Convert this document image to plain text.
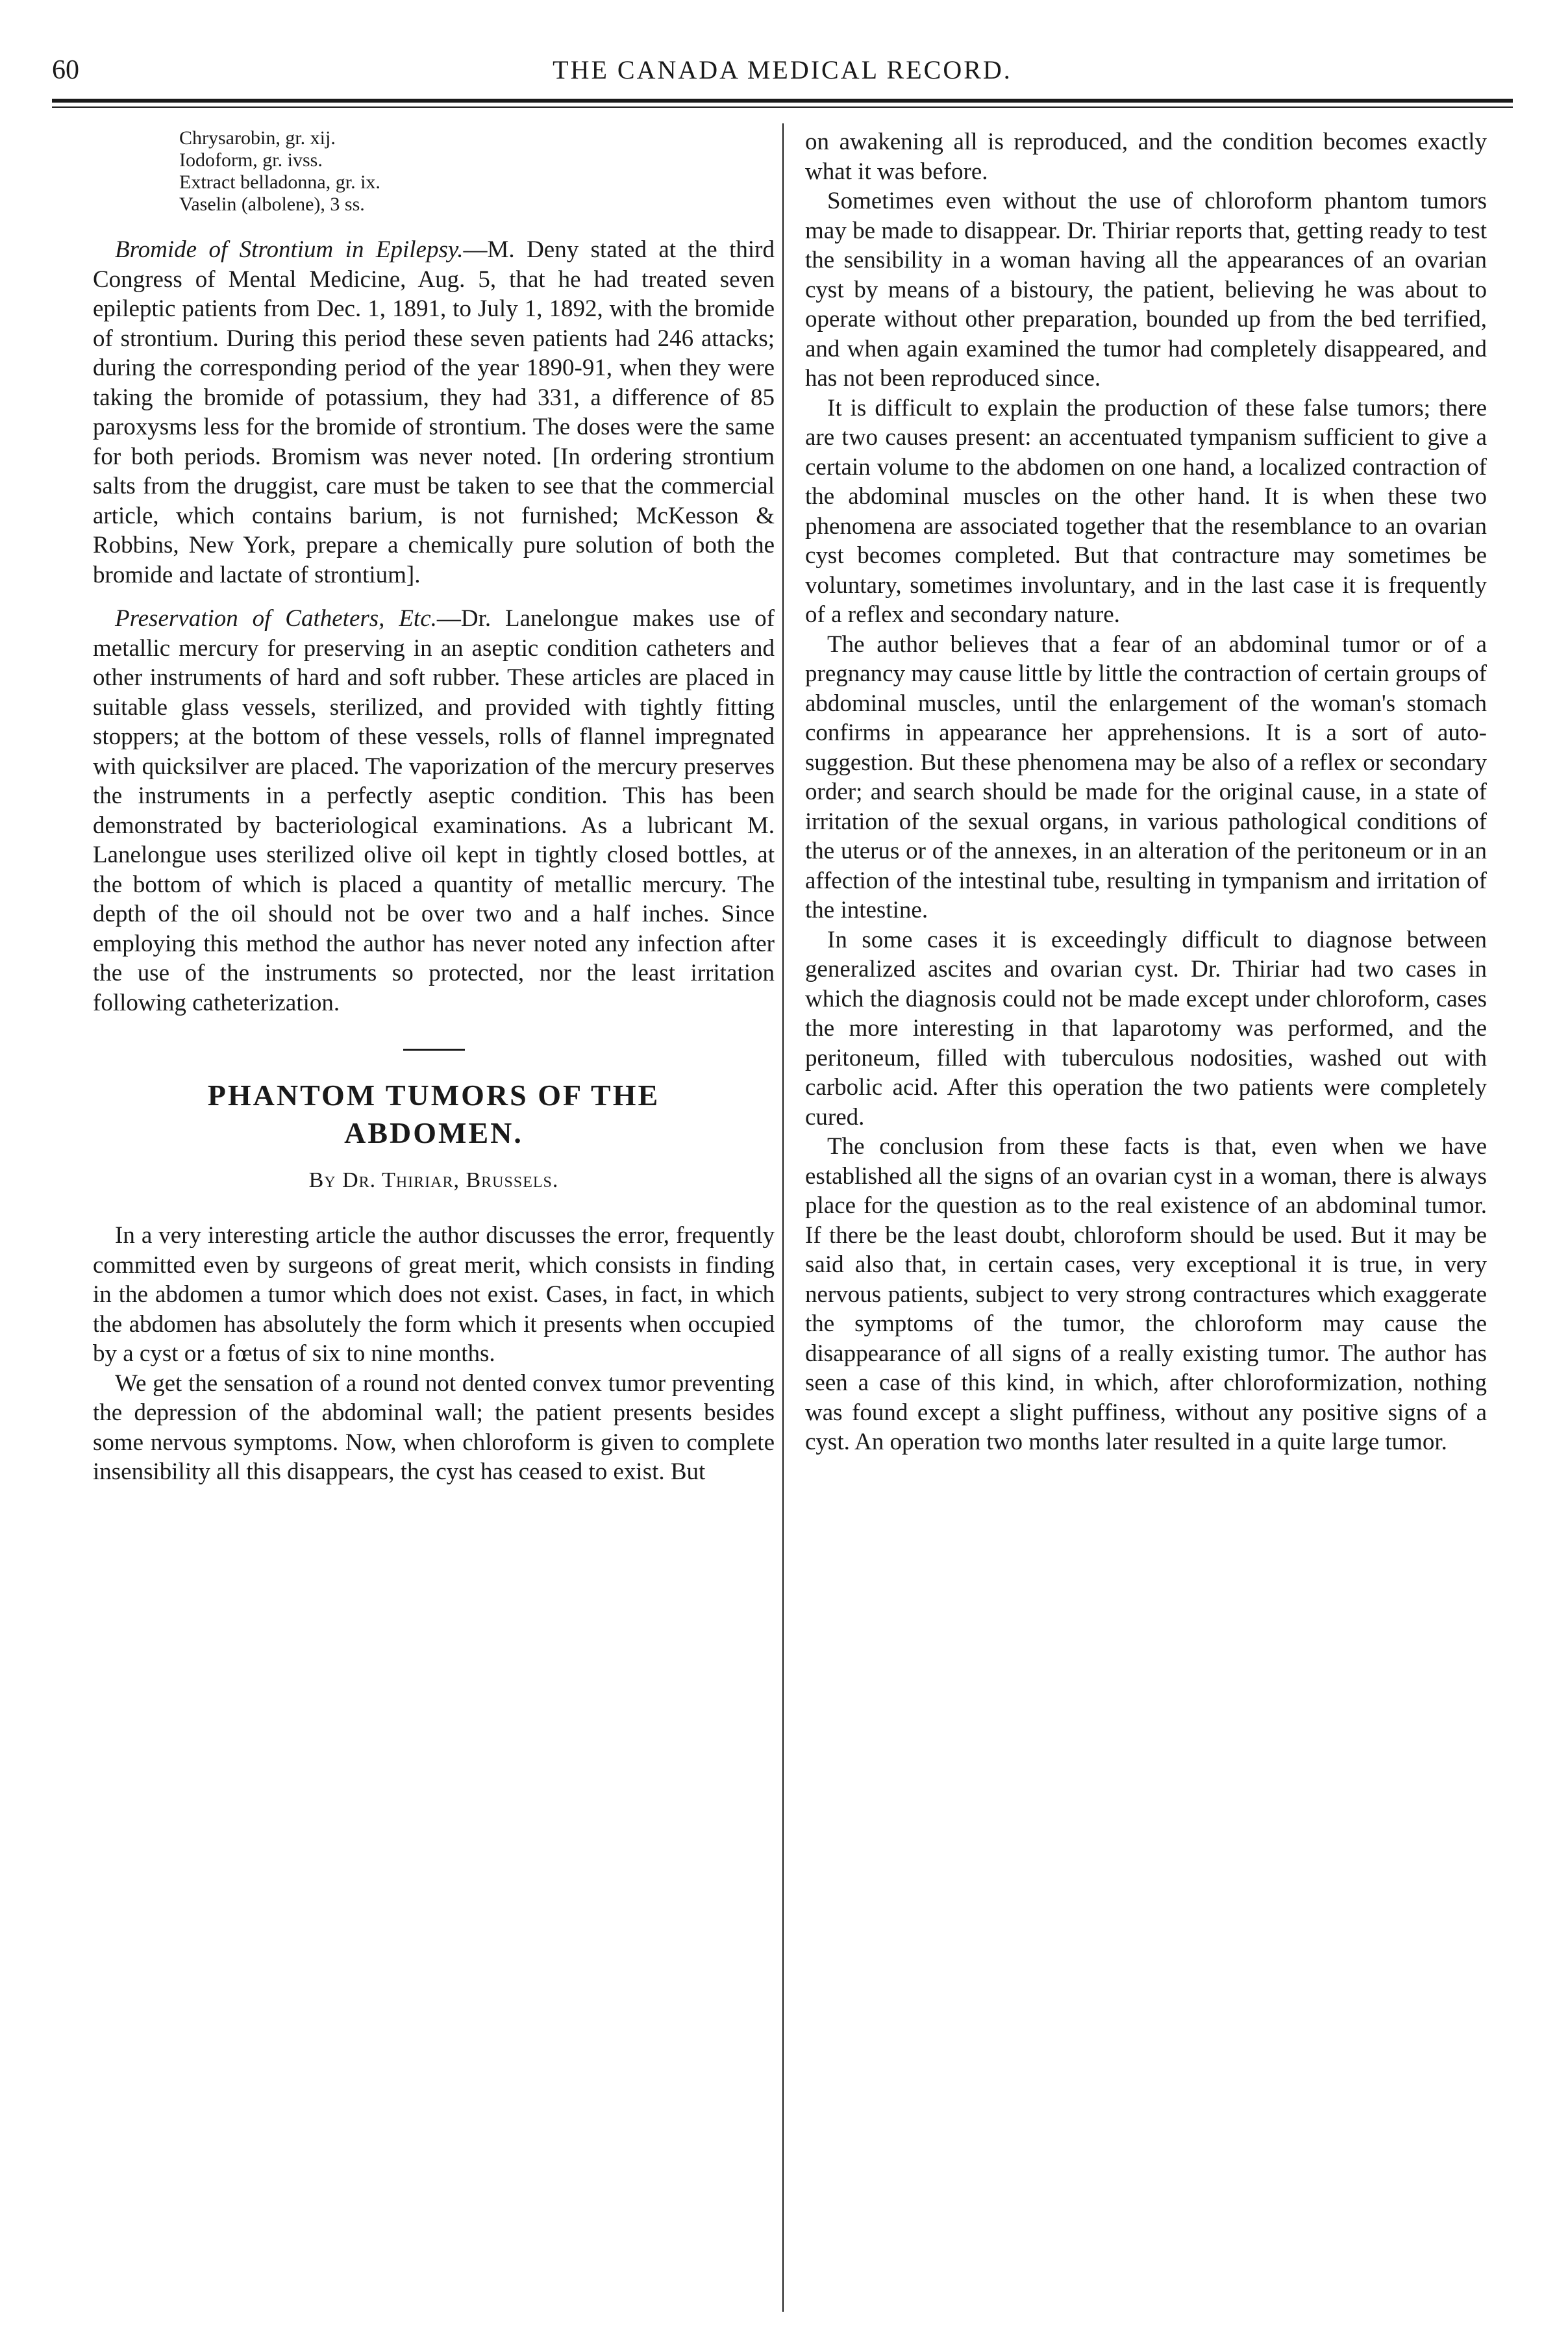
60	THE CANADA MEDICAL RECORD.
Chrysarobin, gr. xij.
Iodoform, gr. ivss.
Extract belladonna, gr. ix.
Vaselin (albolene), 3 ss.

Bromide of Strontium in Epilepsy.—M. Deny stated at the third Congress of Mental Medicine, Aug. 5, that he had treated seven epileptic patients from Dec. 1, 1891, to July 1, 1892, with the bromide of strontium. During this period these seven patients had 246 attacks; during the corresponding period of the year 1890-91, when they were taking the bromide of potassium, they had 331, a difference of 85 paroxysms less for the bromide of strontium. The doses were the same for both periods. Bromism was never noted. [In ordering strontium salts from the druggist, care must be taken to see that the commercial article, which contains barium, is not furnished; McKesson & Robbins, New York, prepare a chemically pure solution of both the bromide and lactate of strontium].

Preservation of Catheters, Etc.—Dr. Lanelongue makes use of metallic mercury for preserving in an aseptic condition catheters and other instruments of hard and soft rubber. These articles are placed in suitable glass vessels, sterilized, and provided with tightly fitting stoppers; at the bottom of these vessels, rolls of flannel impregnated with quicksilver are placed. The vaporization of the mercury preserves the instruments in a perfectly aseptic condition. This has been demonstrated by bacteriological examinations. As a lubricant M. Lanelongue uses sterilized olive oil kept in tightly closed bottles, at the bottom of which is placed a quantity of metallic mercury. The depth of the oil should not be over two and a half inches. Since employing this method the author has never noted any infection after the use of the instruments so protected, nor the least irritation following catheterization.

PHANTOM TUMORS OF THE
ABDOMEN.
By Dr. Thiriar, Brussels.

In a very interesting article the author discusses the error, frequently committed even by surgeons of great merit, which consists in finding in the abdomen a tumor which does not exist. Cases, in fact, in which the abdomen has absolutely the form which it presents when occupied by a cyst or a fœtus of six to nine months.

We get the sensation of a round not dented convex tumor preventing the depression of the abdominal wall; the patient presents besides some nervous symptoms. Now, when chloroform is given to complete insensibility all this disappears, the cyst has ceased to exist. But

on awakening all is reproduced, and the condition becomes exactly what it was before.

Sometimes even without the use of chloroform phantom tumors may be made to disappear. Dr. Thiriar reports that, getting ready to test the sensibility in a woman having all the appearances of an ovarian cyst by means of a bistoury, the patient, believing he was about to operate without other preparation, bounded up from the bed terrified, and when again examined the tumor had completely disappeared, and has not been reproduced since.

It is difficult to explain the production of these false tumors; there are two causes present: an accentuated tympanism sufficient to give a certain volume to the abdomen on one hand, a localized contraction of the abdominal muscles on the other hand. It is when these two phenomena are associated together that the resemblance to an ovarian cyst becomes completed. But that contracture may sometimes be voluntary, sometimes involuntary, and in the last case it is frequently of a reflex and secondary nature.

The author believes that a fear of an abdominal tumor or of a pregnancy may cause little by little the contraction of certain groups of abdominal muscles, until the enlargement of the woman's stomach confirms in appearance her apprehensions. It is a sort of auto-suggestion. But these phenomena may be also of a reflex or secondary order; and search should be made for the original cause, in a state of irritation of the sexual organs, in various pathological conditions of the uterus or of the annexes, in an alteration of the peritoneum or in an affection of the intestinal tube, resulting in tympanism and irritation of the intestine.

In some cases it is exceedingly difficult to diagnose between generalized ascites and ovarian cyst. Dr. Thiriar had two cases in which the diagnosis could not be made except under chloroform, cases the more interesting in that laparotomy was performed, and the peritoneum, filled with tuberculous nodosities, washed out with carbolic acid. After this operation the two patients were completely cured.

The conclusion from these facts is that, even when we have established all the signs of an ovarian cyst in a woman, there is always place for the question as to the real existence of an abdominal tumor. If there be the least doubt, chloroform should be used. But it may be said also that, in certain cases, very exceptional it is true, in very nervous patients, subject to very strong contractures which exaggerate the symptoms of the tumor, the chloroform may cause the disappearance of all signs of a really existing tumor. The author has seen a case of this kind, in which, after chloroformization, nothing was found except a slight puffiness, without any positive signs of a cyst. An operation two months later resulted in a quite large tumor.
